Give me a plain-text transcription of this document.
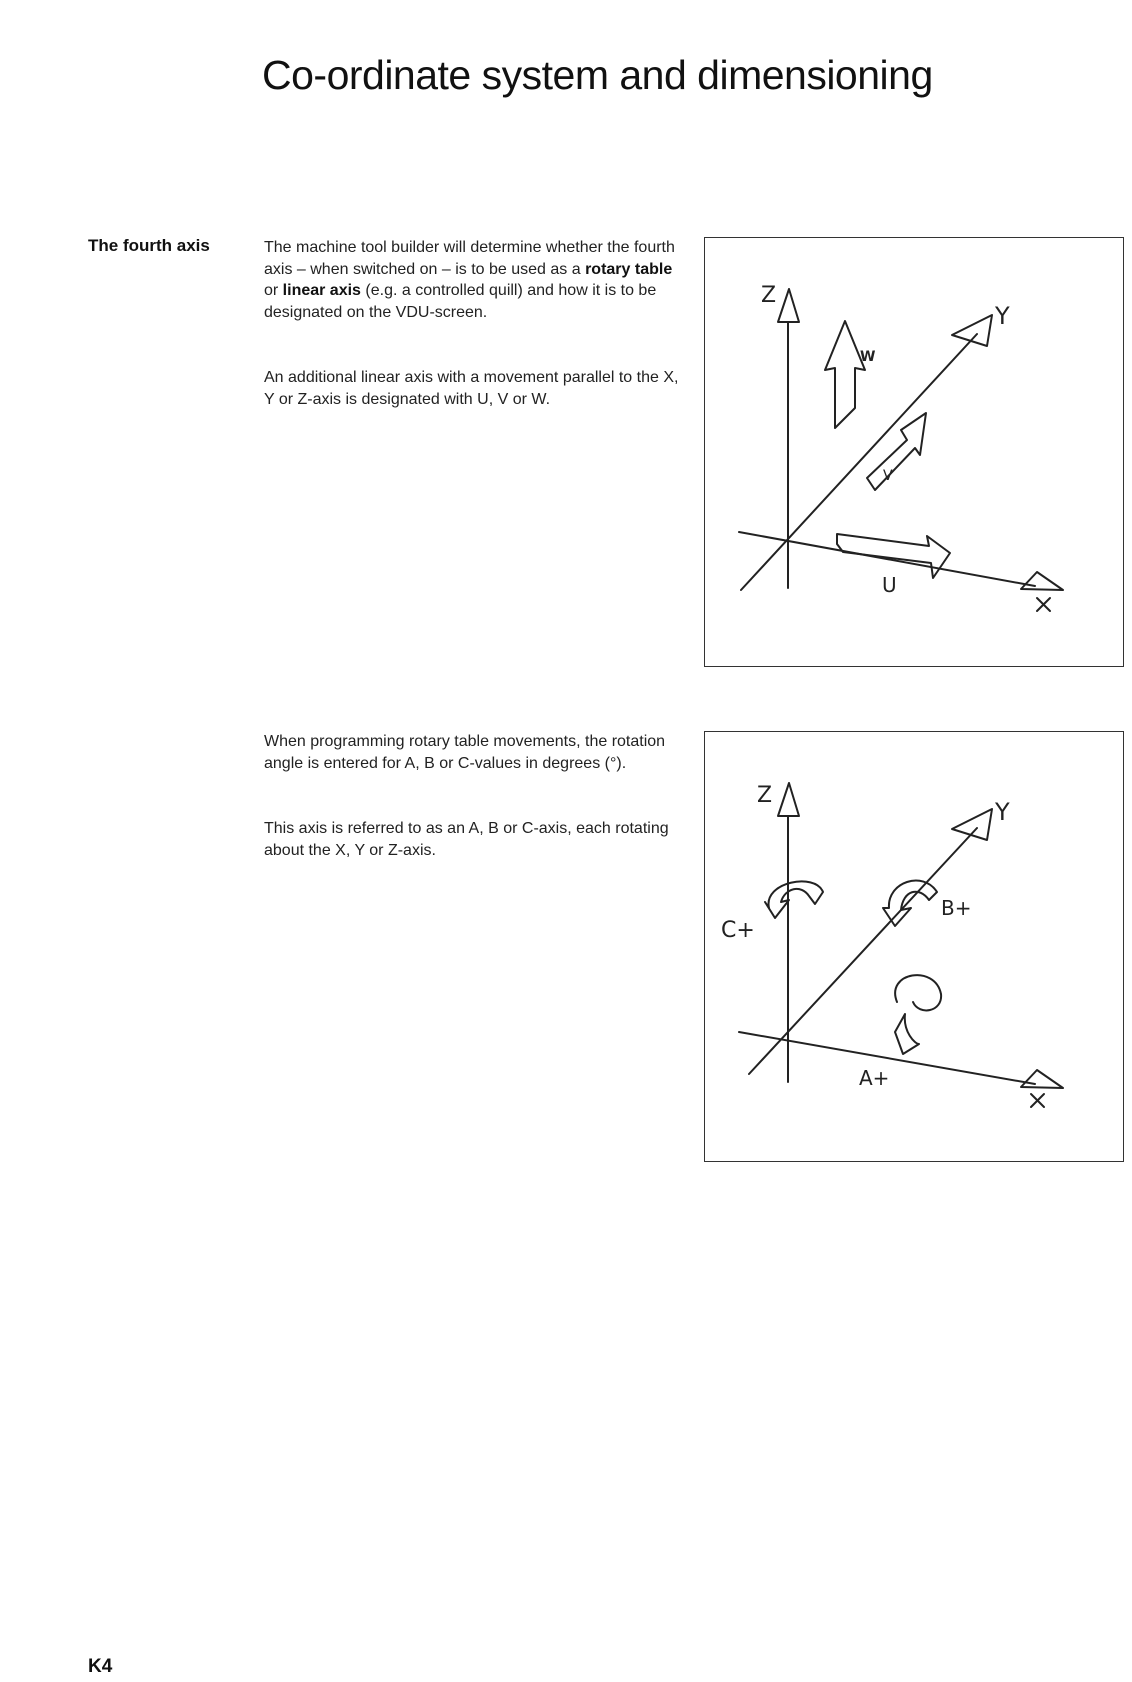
Co-ordinate system and dimensioning
The fourth axis	The machine tool builder will determine whether the fourth axis – when switched on – is to be used as a rotary table or linear axis (e.g. a controlled quill) and how it is to be designated on the VDU-screen.

An additional linear axis with a movement parallel to the X, Y or Z-axis is designated with U, V or W.

When programming rotary table movements, the rotation angle is entered for A, B or C-values in degrees (°).

This axis is referred to as an A, B or C-axis, each rotating about the X, Y or Z-axis.

Z
Y
W
V
U	X
Z
Y
C+
B+
A+
X

K4
